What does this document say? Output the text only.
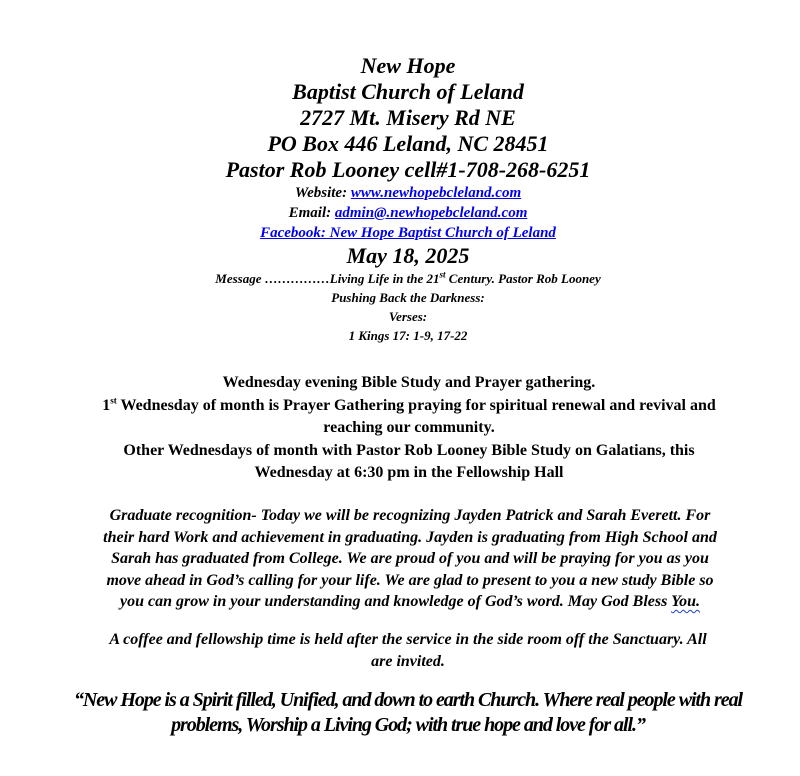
New Hope
Baptist Church of Leland
2727 Mt. Misery Rd NE
PO Box 446 Leland, NC 28451
Pastor Rob Looney cell#1-708-268-6251
Website: www.newhopebcleland.com
Email: admin@.newhopebcleland.com
Facebook: New Hope Baptist Church of Leland
May 18, 2025
Message ……………Living Life in the 21st Century. Pastor Rob Looney
Pushing Back the Darkness:
Verses:
1 Kings 17: 1-9, 17-22
Wednesday evening Bible Study and Prayer gathering.
1st Wednesday of month is Prayer Gathering praying for spiritual renewal and revival and
reaching our community.
Other Wednesdays of month with Pastor Rob Looney Bible Study on Galatians, this
Wednesday at 6:30 pm in the Fellowship Hall
Graduate recognition- Today we will be recognizing Jayden Patrick and Sarah Everett. For
their hard Work and achievement in graduating. Jayden is graduating from High School and
Sarah has graduated from College. We are proud of you and will be praying for you as you
move ahead in God’s calling for your life. We are glad to present to you a new study Bible so
you can grow in your understanding and knowledge of God’s word. May God Bless You.
A coffee and fellowship time is held after the service in the side room off the Sanctuary. All
are invited.
“New Hope is a Spirit filled, Unified, and down to earth Church. Where real people with real
problems, Worship a Living God; with true hope and love for all.”
